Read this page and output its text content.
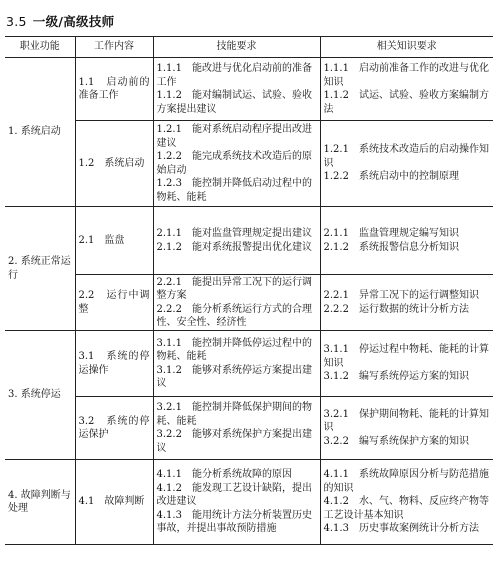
3.5 一级/高级技师
职业功能	工作内容	技能要求	相关知识要求
1. 系统启动	1.1　启动前的准备工作	1.1.1　能改进与优化启动前的准备工作
1.1.2　能对编制试运、试验、验收方案提出建议	1.1.1　启动前准备工作的改进与优化知识
1.1.2　试运、试验、验收方案编制方法

	1.2　系统启动	1.2.1　能对系统启动程序提出改进建议
1.2.2　能完成系统技术改造后的原始启动
1.2.3　能控制并降低启动过程中的物耗、能耗	1.2.1　系统技术改造后的启动操作知识
1.2.2　系统启动中的控制原理

2. 系统正常运行	2.1　监盘	2.1.1　能对监盘管理规定提出建议
2.1.2　能对系统报警提出优化建议	2.1.1　监盘管理规定编写知识
2.1.2　系统报警信息分析知识

	2.2　运行中调整	2.2.1　能提出异常工况下的运行调整方案
2.2.2　能分析系统运行方式的合理性、安全性、经济性	2.2.1　异常工况下的运行调整知识
2.2.2　运行数据的统计分析方法

3. 系统停运	3.1　系统的停运操作	3.1.1　能控制并降低停运过程中的物耗、能耗
3.1.2　能够对系统停运方案提出建议	3.1.1　停运过程中物耗、能耗的计算知识
3.1.2　编写系统停运方案的知识

	3.2　系统的停运保护	3.2.1　能控制并降低保护期间的物耗、能耗
3.2.2　能够对系统保护方案提出建议	3.2.1　保护期间物耗、能耗的计算知识
3.2.2　编写系统保护方案的知识

4. 故障判断与处理	4.1　故障判断	4.1.1　能分析系统故障的原因
4.1.2　能发现工艺设计缺陷，提出改进建议
4.1.3　能用统计方法分析装置历史事故，并提出事故预防措施	4.1.1　系统故障原因分析与防范措施的知识
4.1.2　水、气、物料、反应终产物等工艺设计基本知识
4.1.3　历史事故案例统计分析方法
